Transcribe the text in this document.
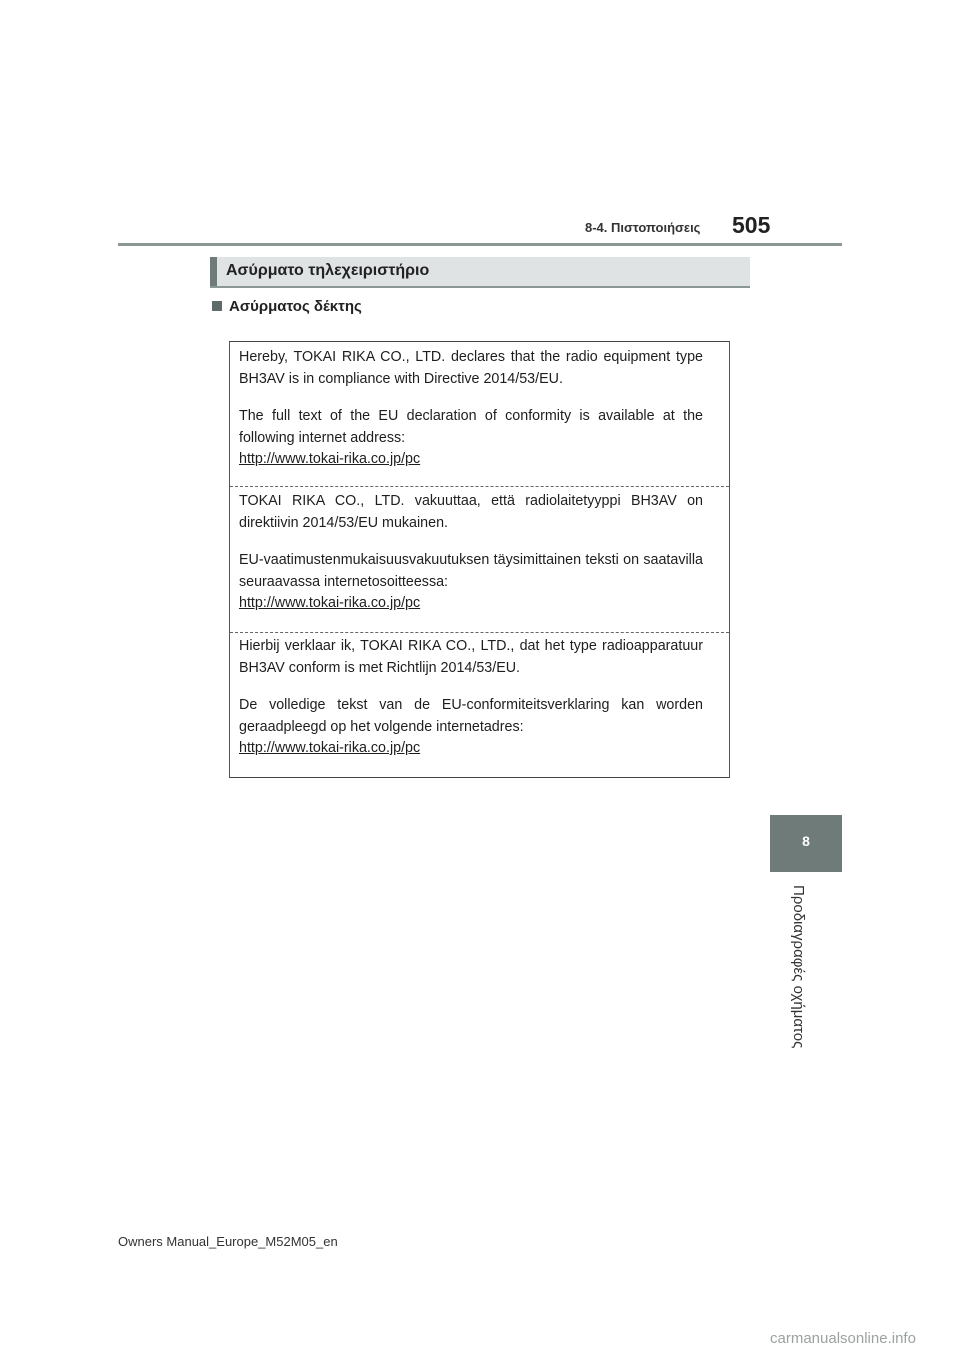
8-4. Πιστοποιήσεις 505
Ασύρματο τηλεχειριστήριο
Ασύρματος δέκτης

Hereby, TOKAI RIKA CO., LTD. declares that the radio equipment type BH3AV is in compliance with Directive 2014/53/EU.

The full text of the EU declaration of conformity is available at the following internet address:

http://www.tokai-rika.co.jp/pc

TOKAI RIKA CO., LTD. vakuuttaa, että radiolaitetyyppi BH3AV on direktiivin 2014/53/EU mukainen.

EU-vaatimustenmukaisuusvakuutuksen täysimittainen teksti on saatavilla seuraavassa internetosoitteessa:

http://www.tokai-rika.co.jp/pc

Hierbij verklaar ik, TOKAI RIKA CO., LTD., dat het type radioapparatuur BH3AV conform is met Richtlijn 2014/53/EU.

De volledige tekst van de EU-conformiteitsverklaring kan worden geraadpleegd op het volgende internetadres:

http://www.tokai-rika.co.jp/pc

8
Προδιαγραφές οχήματος
Owners Manual_Europe_M52M05_en
carmanualsonline.info
